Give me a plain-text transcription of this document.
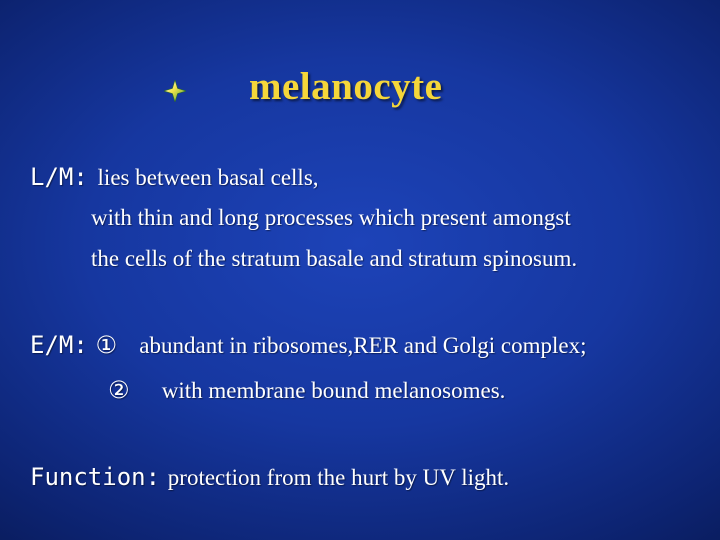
melanocyte
L/M: lies between basal cells,
with thin and long processes which present amongst
the cells of the stratum basale and stratum spinosum.
E/M: ① abundant in ribosomes,RER and Golgi complex;
② with membrane bound melanosomes.
Function: protection from the hurt by UV light.
